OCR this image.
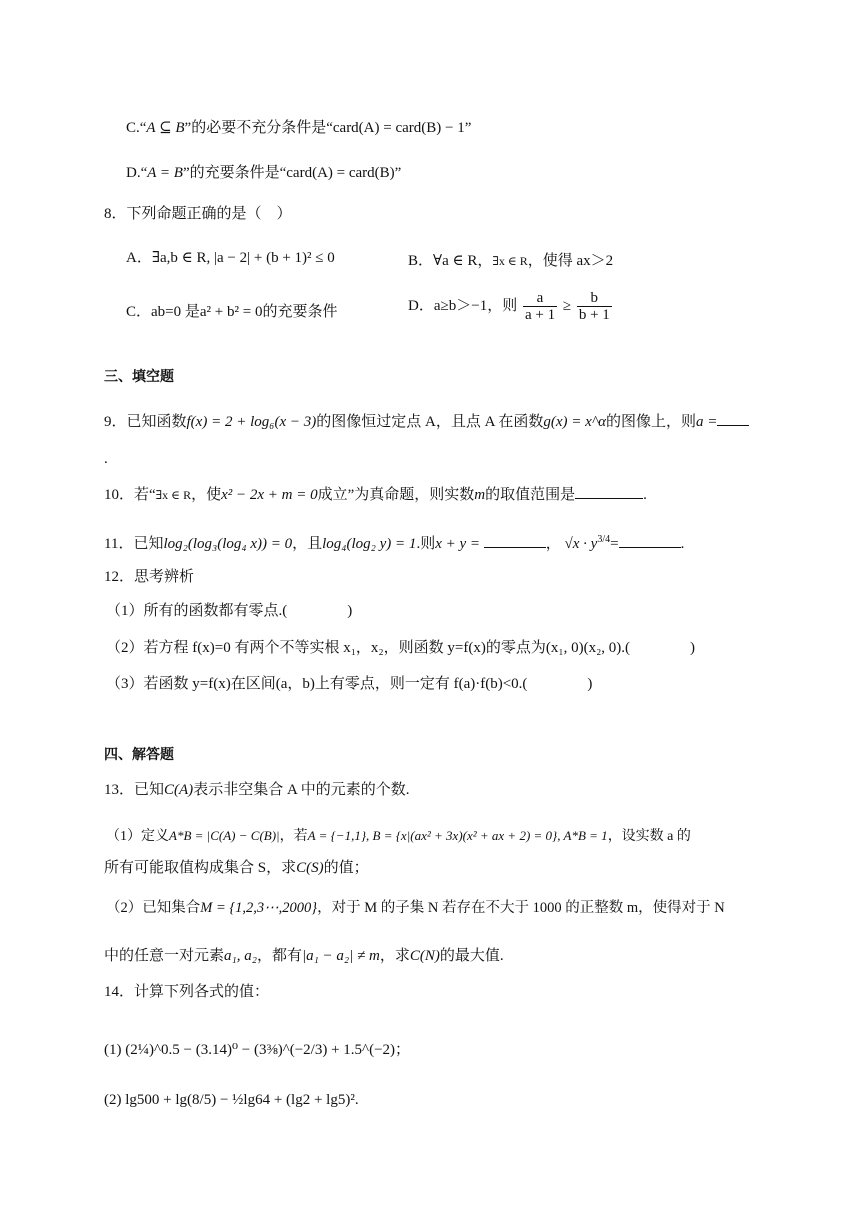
C.“A ⊆ B”的必要不充分条件是“card(A) = card(B) − 1”
D.“A = B”的充要条件是“card(A) = card(B)”
8．下列命题正确的是（　）
A．∃a,b ∈ R, |a − 2| + (b + 1)² ≤ 0	B．∀a ∈ R，∃x ∈ R，使得 ax＞2
C．ab=0 是a² + b² = 0的充要条件	D．a≥b＞−1，则 $\frac{a}{a + 1} \ge \frac{b}{b + 1}$
三、填空题
9．已知函数f(x) = 2 + log₆(x − 3)的图像恒过定点 A，且点 A 在函数g(x) = x^α的图像上，则a =
.
10．若“∃x ∈ R，使x² − 2x + m = 0成立”为真命题，则实数m的取值范围是	.
11．已知log₂(log₃(log₄ x)) = 0，且log₄(log₂ y) = 1.则x + y =	， $√x \cdot y^{3/4}=$	.
12．思考辨析
（1）所有的函数都有零点.(　　　　)
（2）若方程 f(x)=0 有两个不等实根 x₁，x₂，则函数 y=f(x)的零点为(x₁, 0)(x₂, 0).(　　　　)
（3）若函数 y=f(x)在区间(a，b)上有零点，则一定有 f(a)·f(b)<0.(　　　　)
四、解答题
13．已知C(A)表示非空集合 A 中的元素的个数.
（1）定义A*B = |C(A) − C(B)|，若A = {−1,1}, B = {x|(ax² + 3x)(x² + ax + 2) = 0}, A*B = 1，设实数 a 的
所有可能取值构成集合 S，求C(S)的值；
（2）已知集合M = {1,2,3⋯,2000}，对于 M 的子集 N 若存在不大于 1000 的正整数 m，使得对于 N
中的任意一对元素a₁, a₂，都有|a₁ − a₂| ≠ m，求C(N)的最大值.
14．计算下列各式的值：
(1) (2¼)^0.5 − (3.14)⁰ − (3⅜)^(−2/3) + 1.5^(−2)；
(2) lg500 + lg(8/5) − ½lg64 + (lg2 + lg5)².
